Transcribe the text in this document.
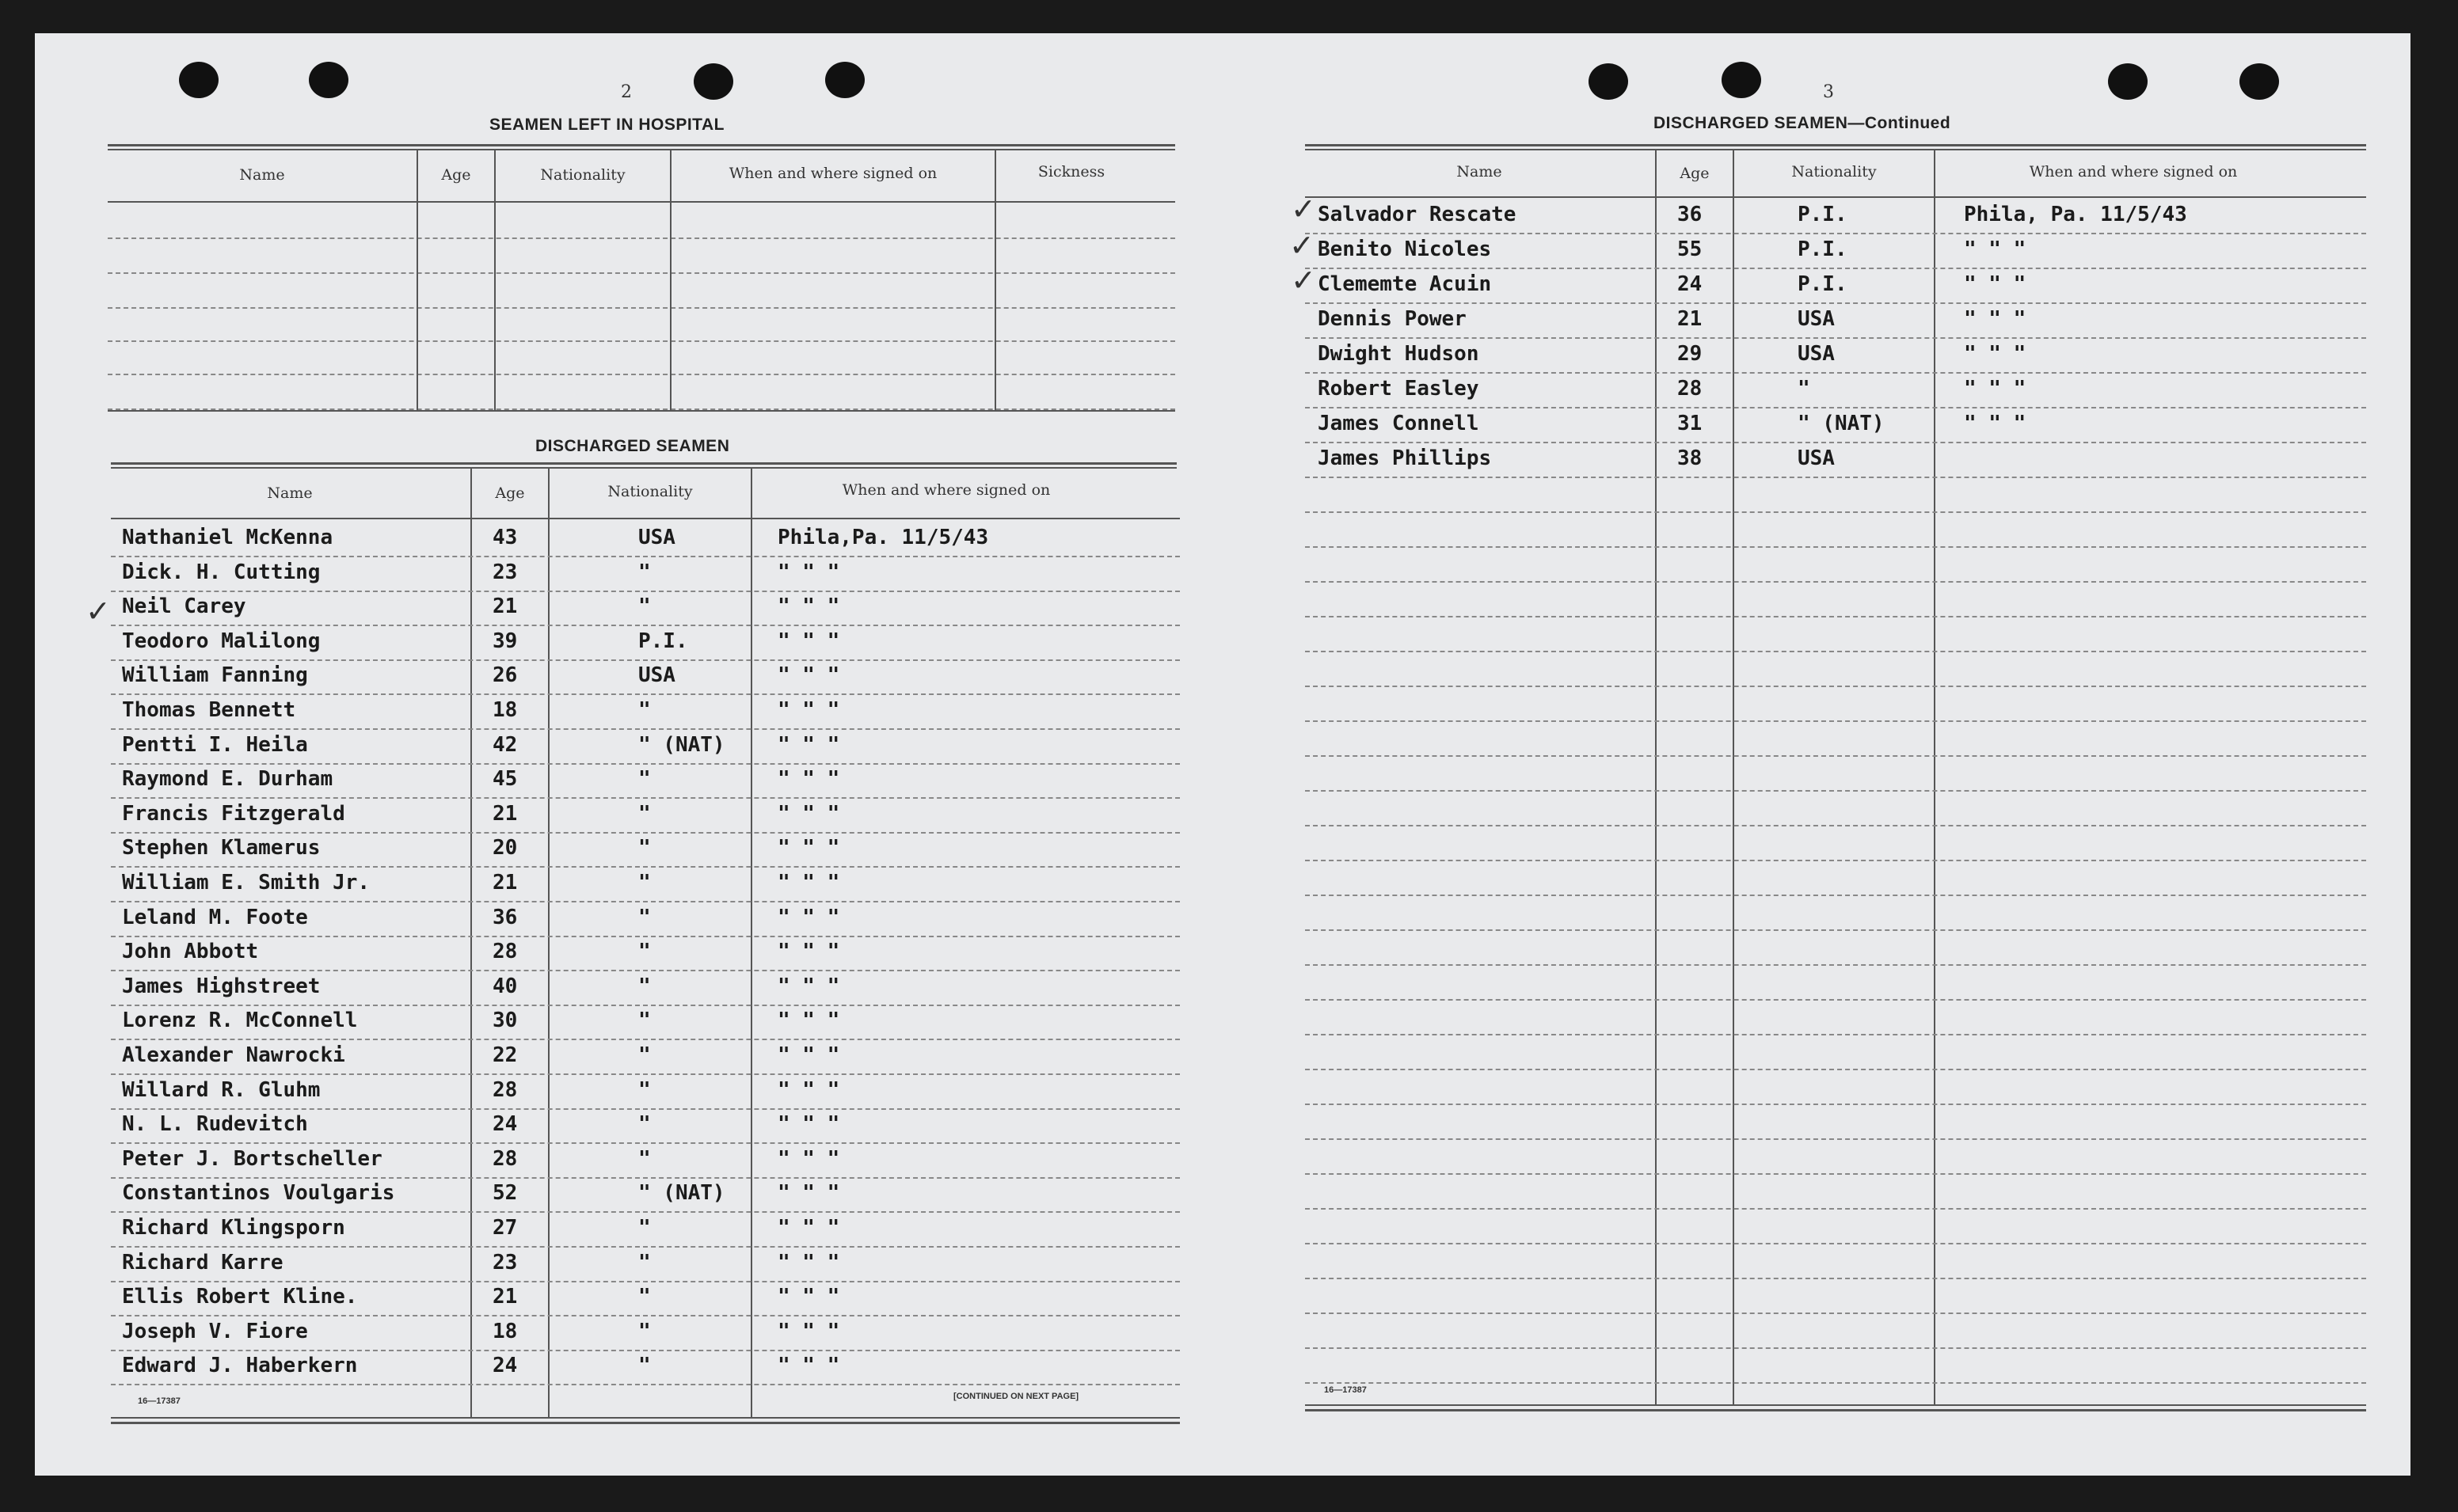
2
SEAMEN LEFT IN HOSPITAL
Name	Age	Nationality	When and where signed on	Sickness
DISCHARGED SEAMEN
Name	Age	Nationality	When and where signed on
Nathaniel McKenna	43	USA	Phila,Pa. 11/5/43
Dick. H. Cutting	23	"	" " "
Neil Carey	21	"	" " "
Teodoro Malilong	39	P.I.	" " "
William Fanning	26	USA	" " "
Thomas Bennett	18	"	" " "
Pentti I. Heila	42	" (NAT)	" " "
Raymond E. Durham	45	"	" " "
Francis Fitzgerald	21	"	" " "
Stephen Klamerus	20	"	" " "
William E. Smith Jr.	21	"	" " "
Leland M. Foote	36	"	" " "
John Abbott	28	"	" " "
James Highstreet	40	"	" " "
Lorenz R. McConnell	30	"	" " "
Alexander Nawrocki	22	"	" " "
Willard R. Gluhm	28	"	" " "
N. L. Rudevitch	24	"	" " "
Peter J. Bortscheller	28	"	" " "
Constantinos Voulgaris	52	" (NAT)	" " "
Richard Klingsporn	27	"	" " "
Richard Karre	23	"	" " "
Ellis Robert Kline.	21	"	" " "
Joseph V. Fiore	18	"	" " "
Edward J. Haberkern	24	"	" " "
16—17387	[CONTINUED ON NEXT PAGE]
3
DISCHARGED SEAMEN—Continued
Name	Age	Nationality	When and where signed on
Salvador Rescate	36	P.I.	Phila, Pa. 11/5/43
Benito Nicoles	55	P.I.	" " "
Clememte Acuin	24	P.I.	" " "
Dennis Power	21	USA	" " "
Dwight Hudson	29	USA	" " "
Robert Easley	28	"	" " "
James Connell	31	" (NAT)	" " "
James Phillips	38	USA
16—17387
✓
✓
✓
✓
